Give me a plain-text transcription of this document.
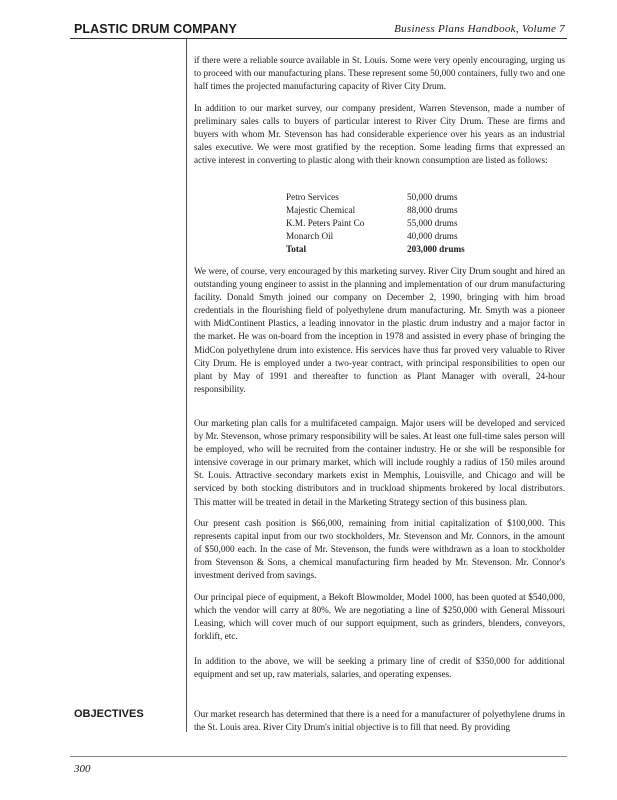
PLASTIC DRUM COMPANY	Business Plans Handbook, Volume 7

if there were a reliable source available in St. Louis. Some were very openly encouraging, urging us to proceed with our manufacturing plans. These represent some 50,000 containers, fully two and one half times the projected manufacturing capacity of River City Drum.

In addition to our market survey, our company president, Warren Stevenson, made a number of preliminary sales calls to buyers of particular interest to River City Drum. These are firms and buyers with whom Mr. Stevenson has had considerable experience over his years as an industrial sales executive. We were most gratified by the reception. Some leading firms that expressed an active interest in converting to plastic along with their known consumption are listed as follows:

Petro Services	50,000 drums
Majestic Chemical	88,000 drums
K.M. Peters Paint Co	55,000 drums
Monarch Oil	40,000 drums
Total	203,000 drums

We were, of course, very encouraged by this marketing survey. River City Drum sought and hired an outstanding young engineer to assist in the planning and implementation of our drum manufacturing facility. Donald Smyth joined our company on December 2, 1990, bringing with him broad credentials in the flourishing field of polyethylene drum manufacturing. Mr. Smyth was a pioneer with MidContinent Plastics, a leading innovator in the plastic drum industry and a major factor in the market. He was on-board from the inception in 1978 and assisted in every phase of bringing the MidCon polyethylene drum into existence. His services have thus far proved very valuable to River City Drum. He is employed under a two-year contract, with principal responsibilities to open our plant by May of 1991 and thereafter to function as Plant Manager with overall, 24-hour responsibility.

Our marketing plan calls for a multifaceted campaign. Major users will be developed and serviced by Mr. Stevenson, whose primary responsibility will be sales. At least one full-time sales person will be employed, who will be recruited from the container industry. He or she will be responsible for intensive coverage in our primary market, which will include roughly a radius of 150 miles around St. Louis. Attractive secondary markets exist in Memphis, Louisville, and Chicago and will be serviced by both stocking distributors and in truckload shipments brokered by local distributors. This matter will be treated in detail in the Marketing Strategy section of this business plan.

Our present cash position is $66,000, remaining from initial capitalization of $100,000. This represents capital input from our two stockholders, Mr. Stevenson and Mr. Connors, in the amount of $50,000 each. In the case of Mr. Stevenson, the funds were withdrawn as a loan to stockholder from Stevenson & Sons, a chemical manufacturing firm headed by Mr. Stevenson. Mr. Connor's investment derived from savings.

Our principal piece of equipment, a Bekoft Blowmolder, Model 1000, has been quoted at $540,000, which the vendor will carry at 80%. We are negotiating a line of $250,000 with General Missouri Leasing, which will cover much of our support equipment, such as grinders, blenders, conveyors, forklift, etc.

In addition to the above, we will be seeking a primary line of credit of $350,000 for additional equipment and set up, raw materials, salaries, and operating expenses.

OBJECTIVES	Our market research has determined that there is a need for a manufacturer of polyethylene drums in the St. Louis area. River City Drum's initial objective is to fill that need. By providing

300
